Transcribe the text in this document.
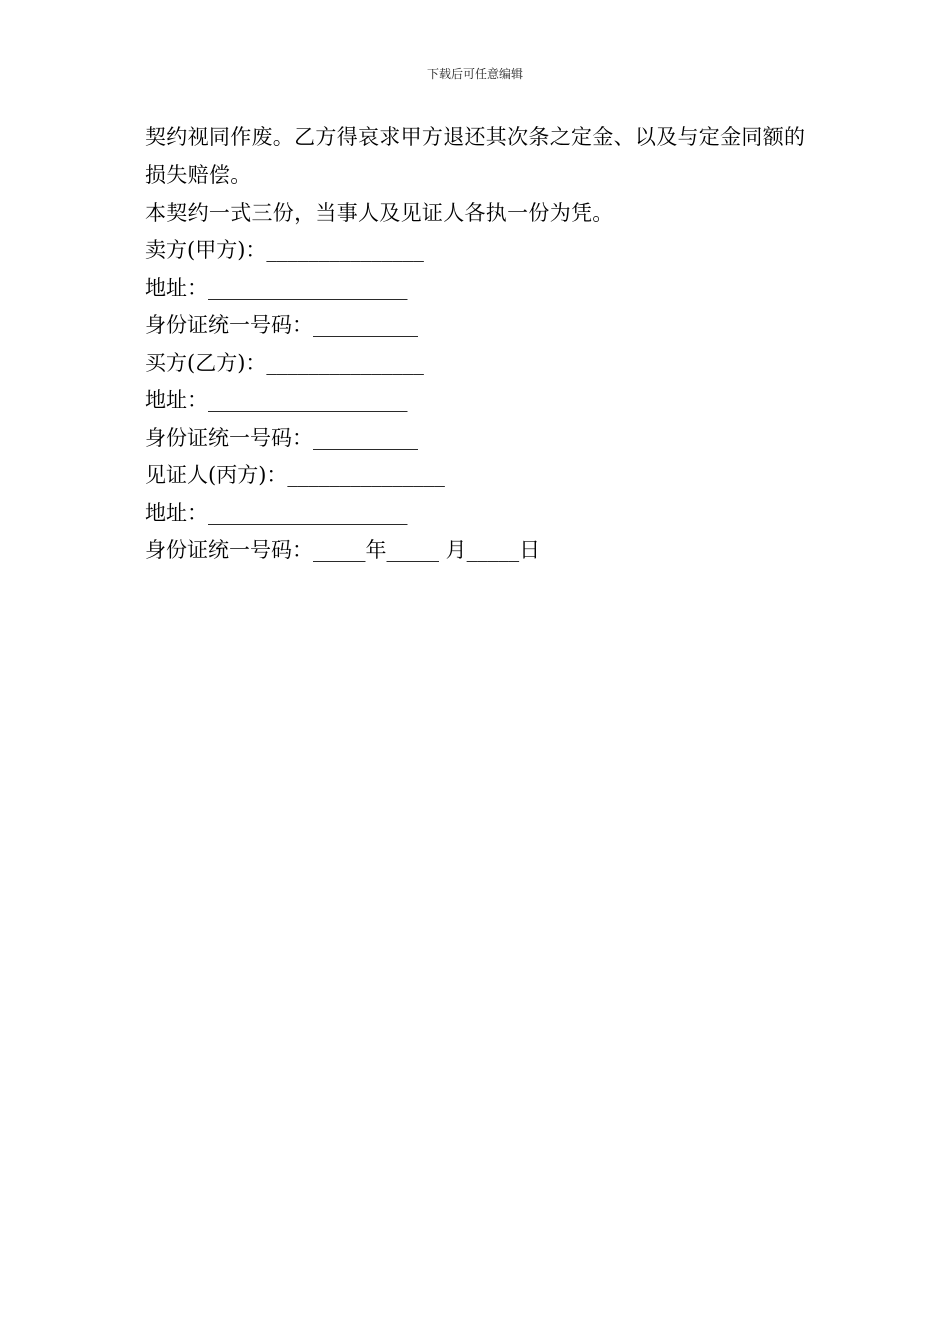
下载后可任意编辑

契约视同作废。乙方得哀求甲方退还其次条之定金、以及与定金同额的损失赔偿。

本契约一式三份，当事人及见证人各执一份为凭。

卖方(甲方)：_______________
地址：___________________
身份证统一号码：__________
买方(乙方)：_______________
地址：___________________
身份证统一号码：__________
见证人(丙方)：_______________
地址：___________________
身份证统一号码：_____年_____ 月_____日
